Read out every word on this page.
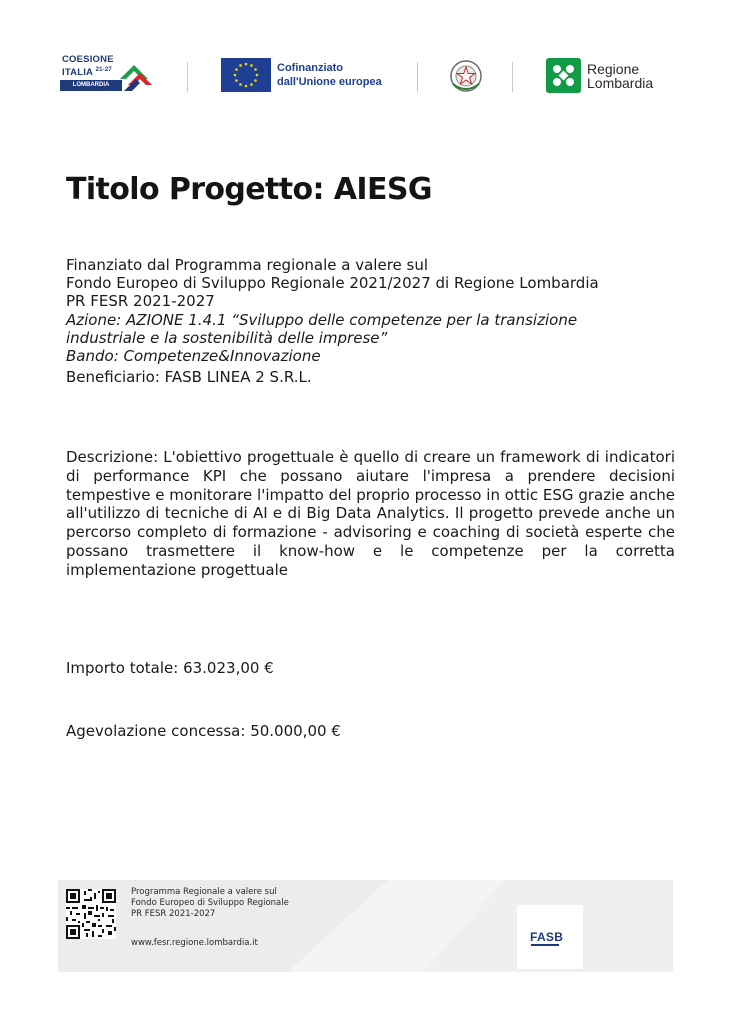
COESIONE
ITALIA $^{21-27}$
LOMBARDIA
Cofinanziato
dall'Unione europea
Regione
Lombardia
Titolo Progetto: AIESG
Finanziato dal Programma regionale a valere sul
Fondo Europeo di Sviluppo Regionale 2021/2027 di Regione Lombardia
PR FESR 2021-2027
Azione: AZIONE 1.4.1 “Sviluppo delle competenze per la transizione
industriale e la sostenibilità delle imprese”
Bando: Competenze&Innovazione
Beneficiario: FASB LINEA 2 S.R.L.
Descrizione: L'obiettivo progettuale è quello di creare un framework di indicatori di performance KPI che possano aiutare l'impresa a prendere decisioni tempestive e monitorare l'impatto del proprio processo in ottic ESG grazie anche all'utilizzo di tecniche di AI e di Big Data Analytics. Il progetto prevede anche un percorso completo di formazione - advisoring e coaching di società esperte che possano trasmettere il know-how e le competenze per la corretta implementazione progettuale
Importo totale: 63.023,00 €
Agevolazione concessa: 50.000,00 €
Programma Regionale a valere sul
Fondo Europeo di Sviluppo Regionale
PR FESR 2021-2027
www.fesr.regione.lombardia.it	FASB
